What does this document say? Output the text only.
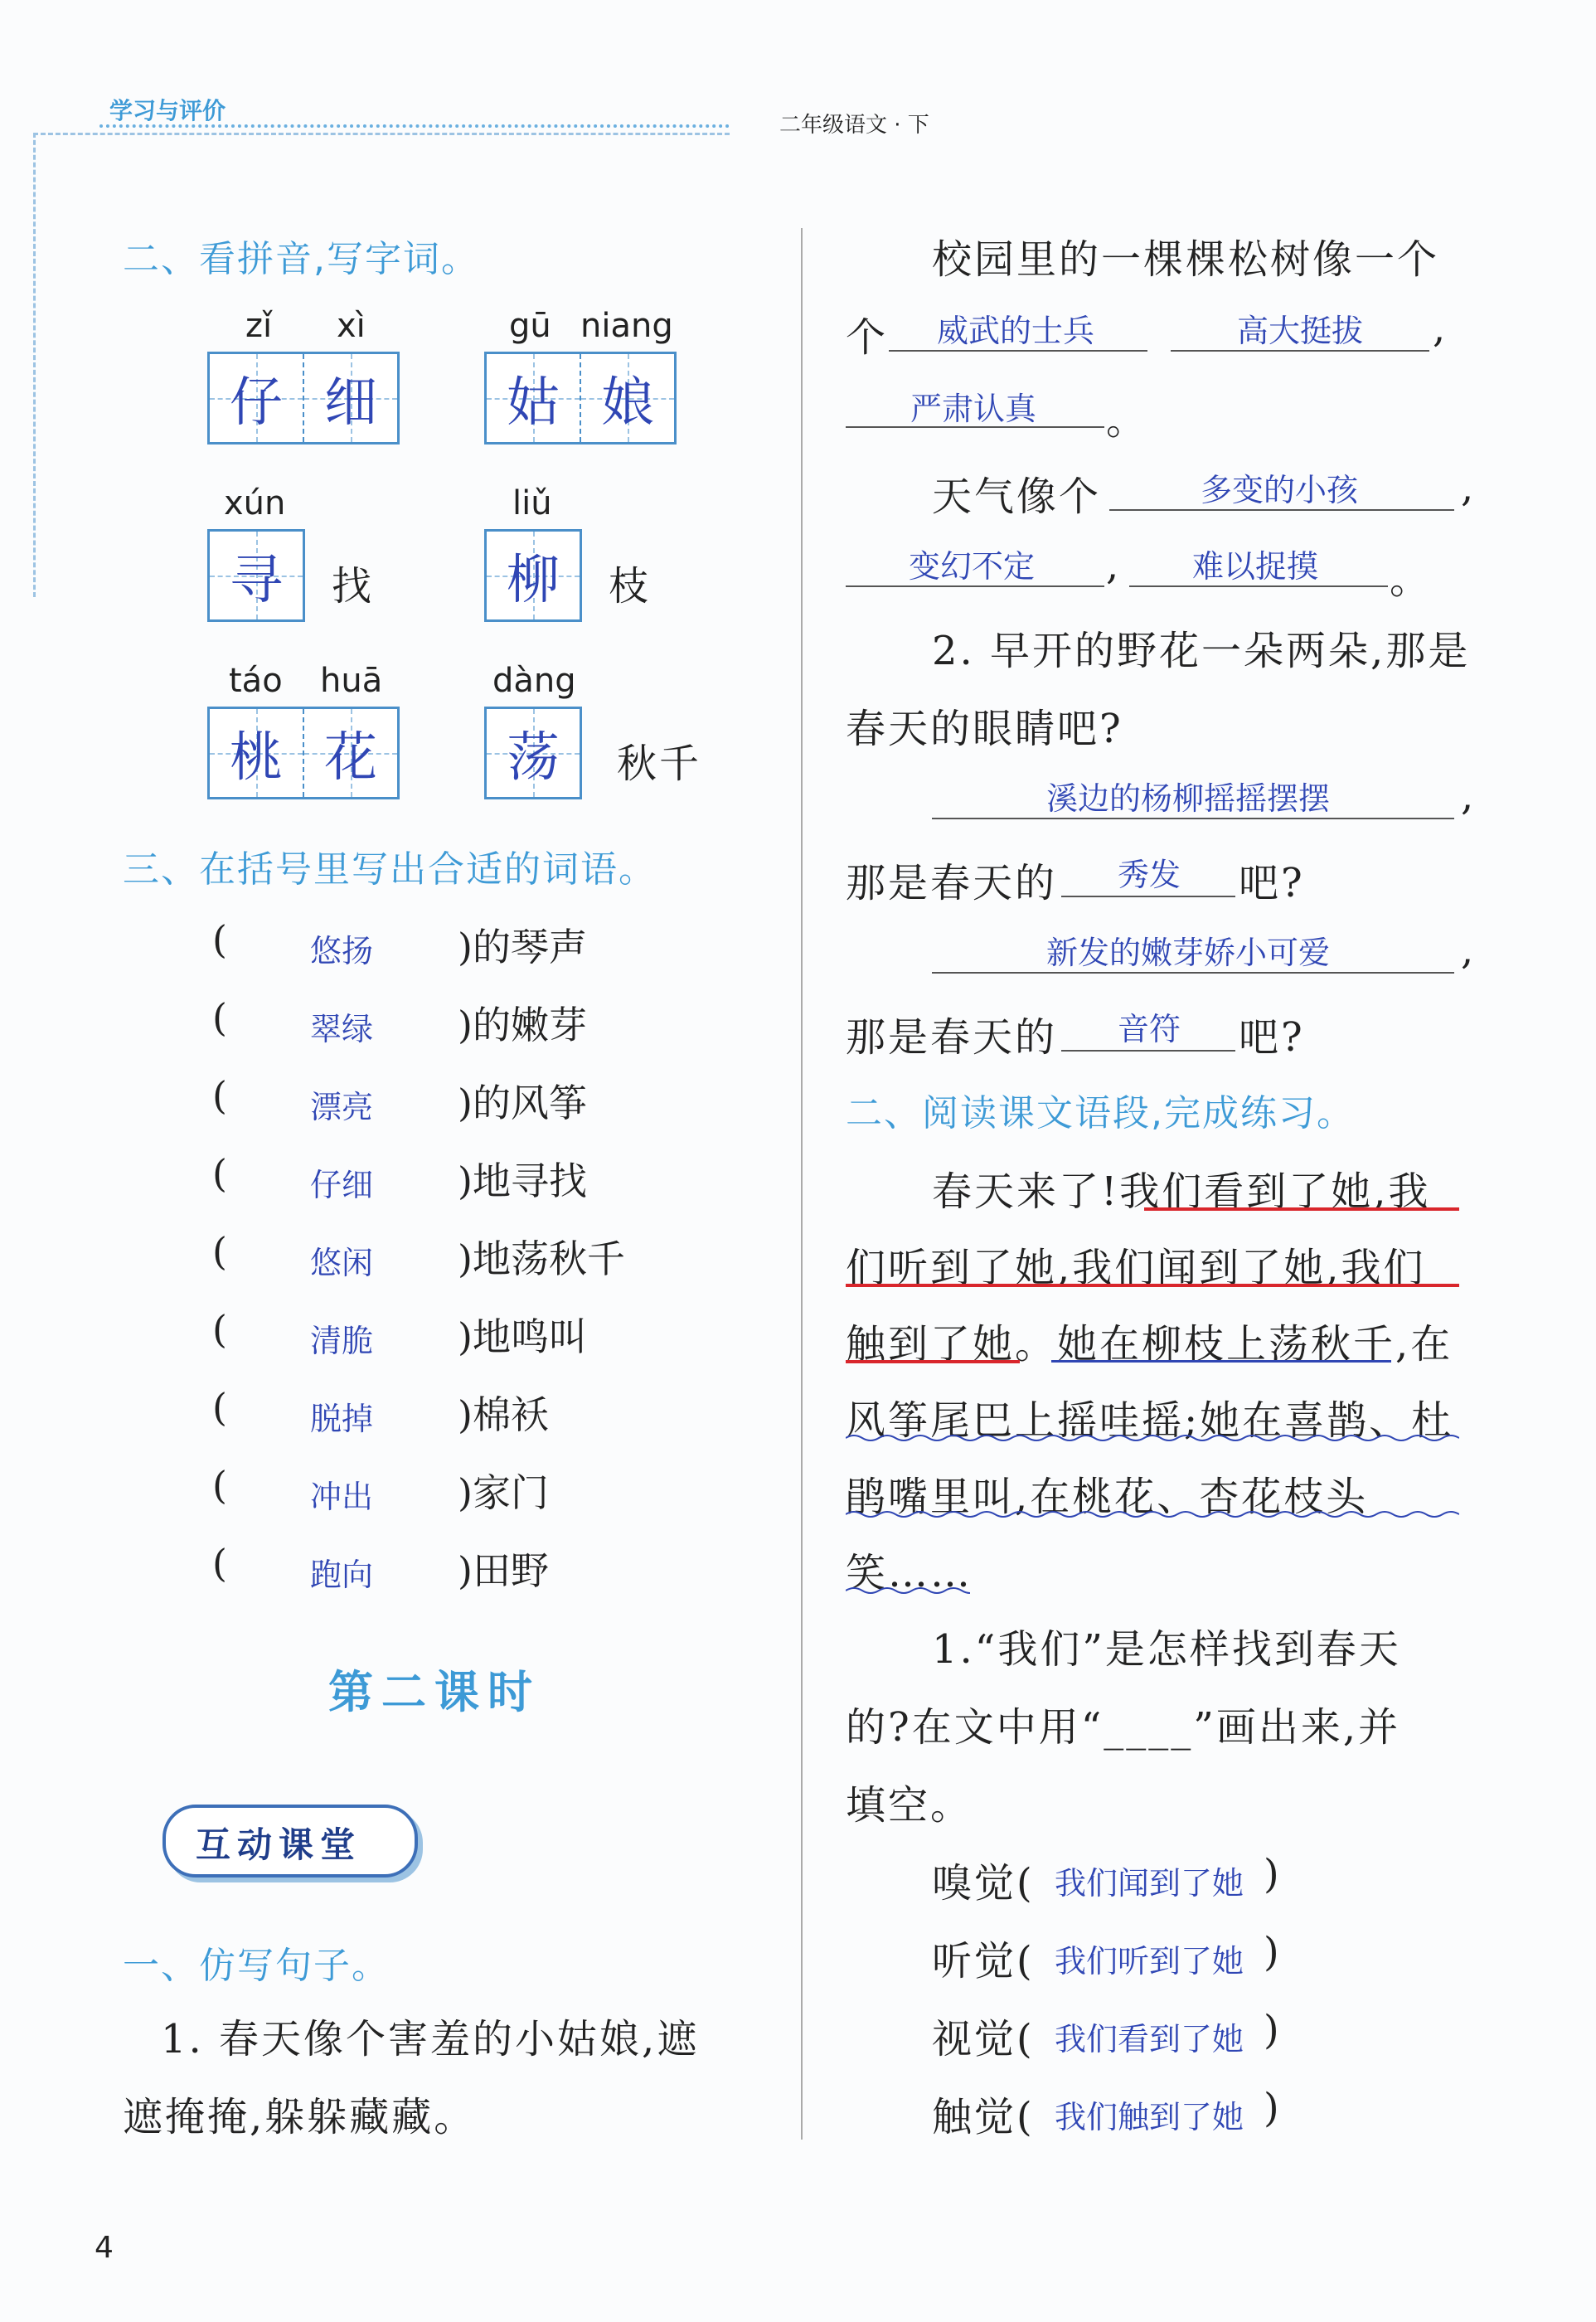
学习与评价
二年级语文 · 下
二、看拼音,写字词。
zǐ xì
仔 细
gū niang
姑 娘
xún
寻 找
liǔ
柳 枝
táo huā
桃 花
dàng
荡 秋千
三、在括号里写出合适的词语。
(	悠扬 )的琴声
(	翠绿 )的嫩芽
(	漂亮 )的风筝
(	仔细 )地寻找
(	悠闲 )地荡秋千
(	清脆 )地鸣叫
(	脱掉 )棉袄
(	冲出 )家门
(	跑向 )田野
第二课时
互动课堂
一、仿写句子。
1. 春天像个害羞的小姑娘,遮
遮掩掩,躲躲藏藏。
校园里的一棵棵松树像一个
个 威武的士兵	高大挺拔 ,
严肃认真 。
天气像个	多变的小孩	,
变幻不定 , 难以捉摸 。
2. 早开的野花一朵两朵,那是
春天的眼睛吧?
溪边的杨柳摇摇摆摆	,
那是春天的 秀发 吧?
新发的嫩芽娇小可爱	,
那是春天的 音符 吧?
二、阅读课文语段,完成练习。
春天来了!我们看到了她,我
们听到了她,我们闻到了她,我们
触到了她。她在柳枝上荡秋千,在
风筝尾巴上摇哇摇;她在喜鹊、杜
鹃嘴里叫,在桃花、杏花枝头
笑……
1.“我们”是怎样找到春天
的?在文中用“____”画出来,并
填空。
嗅觉( 我们闻到了她 )
听觉( 我们听到了她 )
视觉( 我们看到了她 )
触觉( 我们触到了她 )
4
